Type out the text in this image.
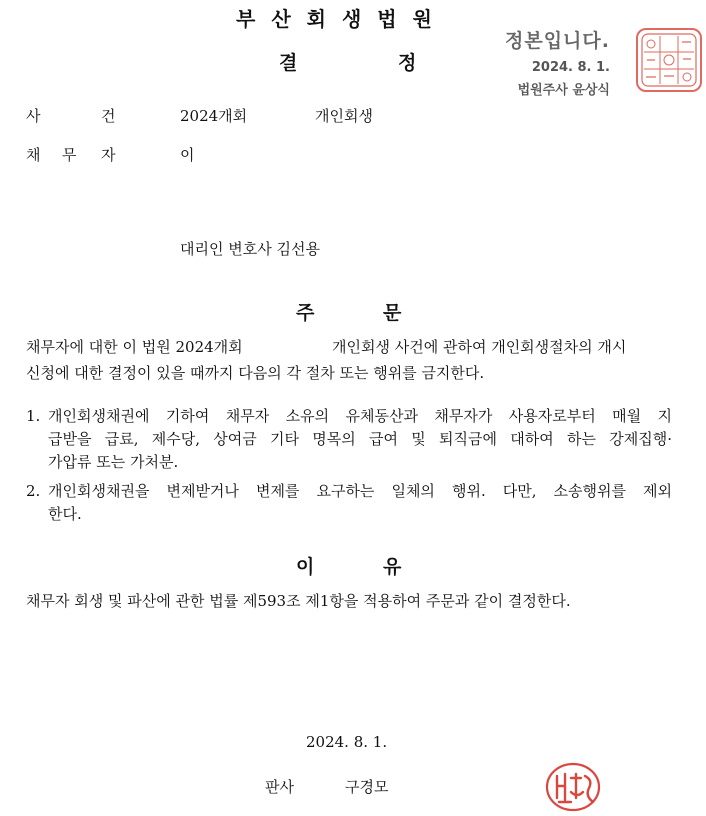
부산회생법원
결	정
정본입니다.
2024. 8. 1.
법원주사 윤상식
사	건	2024개회	개인회생
채 무 자	이
대리인 변호사 김선용
주	문
채무자에 대한 이 법원 2024개회	개인회생 사건에 관하여 개인회생절차의 개시
신청에 대한 결정이 있을 때까지 다음의 각 절차 또는 행위를 금지한다.
1. 개인회생채권에 기하여 채무자 소유의 유체동산과 채무자가 사용자로부터 매월 지
급받을 급료, 제수당, 상여금 기타 명목의 급여 및 퇴직금에 대하여 하는 강제집행·
가압류 또는 가처분.
2. 개인회생채권을 변제받거나 변제를 요구하는 일체의 행위. 다만, 소송행위를 제외
한다.
이	유
채무자 회생 및 파산에 관한 법률 제593조 제1항을 적용하여 주문과 같이 결정한다.
2024. 8. 1.
판사	구경모
